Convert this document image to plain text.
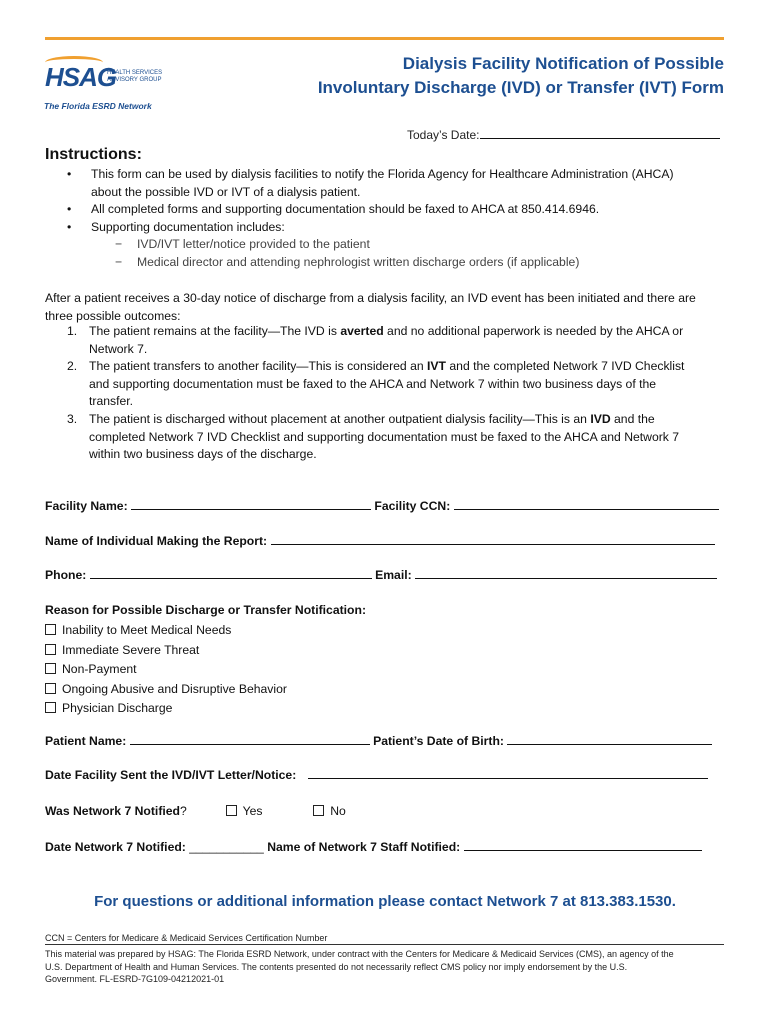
HSAG
HEALTH SERVICES ADVISORY GROUP
The Florida ESRD Network
Dialysis Facility Notification of Possible
Involuntary Discharge (IVD) or Transfer (IVT) Form
Today’s Date:
Instructions:
• This form can be used by dialysis facilities to notify the Florida Agency for Healthcare Administration (AHCA)
about the possible IVD or IVT of a dialysis patient.
• All completed forms and supporting documentation should be faxed to AHCA at 850.414.6946.
• Supporting documentation includes:
− IVD/IVT letter/notice provided to the patient
− Medical director and attending nephrologist written discharge orders (if applicable)
After a patient receives a 30-day notice of discharge from a dialysis facility, an IVD event has been initiated and there are
three possible outcomes:
1. The patient remains at the facility—The IVD is averted and no additional paperwork is needed by the AHCA or
Network 7.
2. The patient transfers to another facility—This is considered an IVT and the completed Network 7 IVD Checklist
and supporting documentation must be faxed to the AHCA and Network 7 within two business days of the
transfer.
3. The patient is discharged without placement at another outpatient dialysis facility—This is an IVD and the
completed Network 7 IVD Checklist and supporting documentation must be faxed to the AHCA and Network 7
within two business days of the discharge.
Facility Name:	Facility CCN:
Name of Individual Making the Report:
Phone:	Email:
Reason for Possible Discharge or Transfer Notification:
Inability to Meet Medical Needs
Immediate Severe Threat
Non-Payment
Ongoing Abusive and Disruptive Behavior
Physician Discharge
Patient Name:	Patient’s Date of Birth:
Date Facility Sent the IVD/IVT Letter/Notice:
Was Network 7 Notified?	Yes	No
Date Network 7 Notified: ___________ Name of Network 7 Staff Notified:
For questions or additional information please contact Network 7 at 813.383.1530.
CCN = Centers for Medicare & Medicaid Services Certification Number
This material was prepared by HSAG: The Florida ESRD Network, under contract with the Centers for Medicare & Medicaid Services (CMS), an agency of the
U.S. Department of Health and Human Services. The contents presented do not necessarily reflect CMS policy nor imply endorsement by the U.S.
Government. FL-ESRD-7G109-04212021-01
